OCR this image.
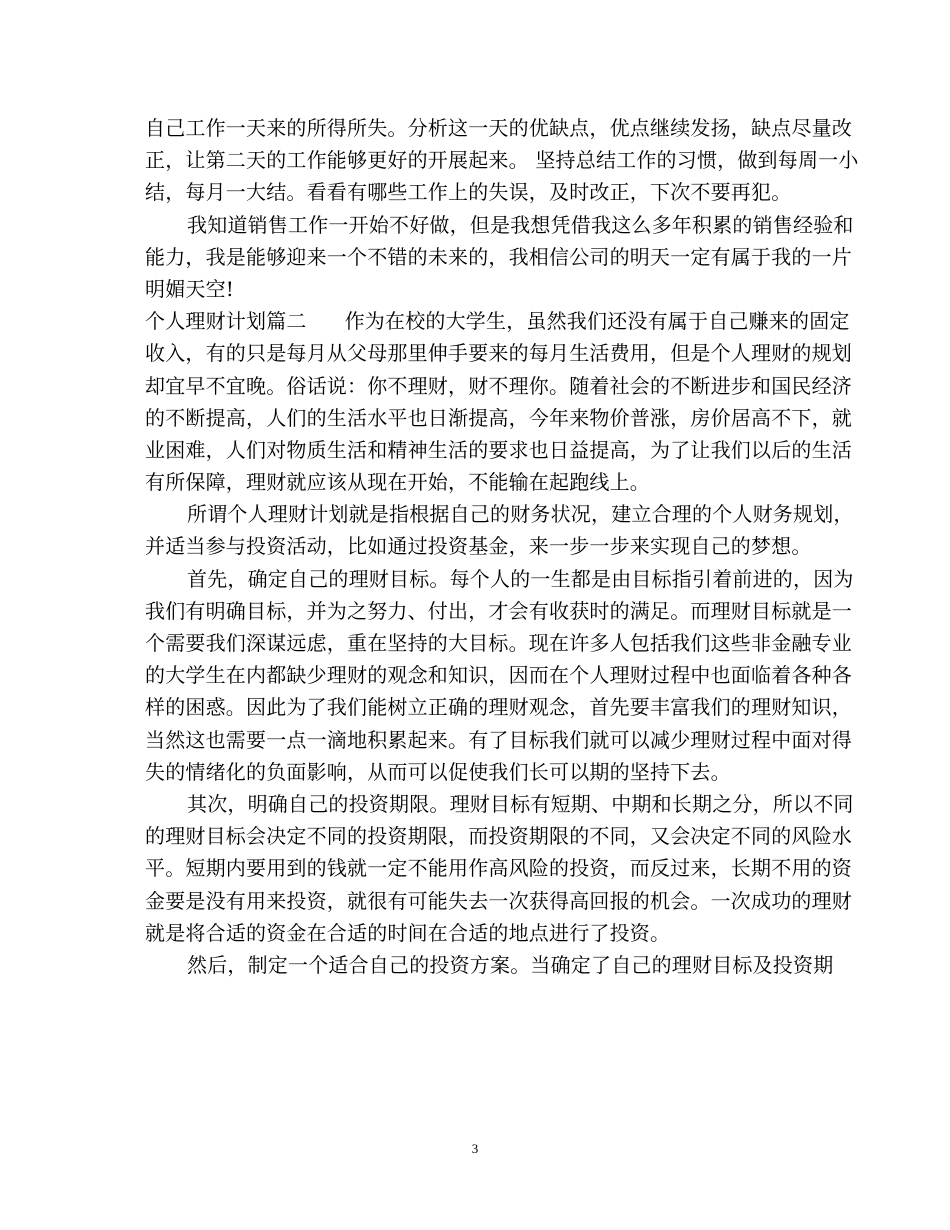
自己工作一天来的所得所失。分析这一天的优缺点，优点继续发扬，缺点尽量改
正，让第二天的工作能够更好的开展起来。 坚持总结工作的习惯，做到每周一小
结，每月一大结。看看有哪些工作上的失误，及时改正，下次不要再犯。
我知道销售工作一开始不好做，但是我想凭借我这么多年积累的销售经验和
能力，我是能够迎来一个不错的未来的，我相信公司的明天一定有属于我的一片
明媚天空!
个人理财计划篇二 作为在校的大学生，虽然我们还没有属于自己赚来的固定
收入，有的只是每月从父母那里伸手要来的每月生活费用，但是个人理财的规划
却宜早不宜晚。俗话说：你不理财，财不理你。随着社会的不断进步和国民经济
的不断提高，人们的生活水平也日渐提高，今年来物价普涨，房价居高不下，就
业困难，人们对物质生活和精神生活的要求也日益提高，为了让我们以后的生活
有所保障，理财就应该从现在开始，不能输在起跑线上。
所谓个人理财计划就是指根据自己的财务状况，建立合理的个人财务规划，
并适当参与投资活动，比如通过投资基金，来一步一步来实现自己的梦想。
首先，确定自己的理财目标。每个人的一生都是由目标指引着前进的，因为
我们有明确目标，并为之努力、付出，才会有收获时的满足。而理财目标就是一
个需要我们深谋远虑，重在坚持的大目标。现在许多人包括我们这些非金融专业
的大学生在内都缺少理财的观念和知识，因而在个人理财过程中也面临着各种各
样的困惑。因此为了我们能树立正确的理财观念，首先要丰富我们的理财知识，
当然这也需要一点一滴地积累起来。有了目标我们就可以减少理财过程中面对得
失的情绪化的负面影响，从而可以促使我们长可以期的坚持下去。
其次，明确自己的投资期限。理财目标有短期、中期和长期之分，所以不同
的理财目标会决定不同的投资期限，而投资期限的不同，又会决定不同的风险水
平。短期内要用到的钱就一定不能用作高风险的投资，而反过来，长期不用的资
金要是没有用来投资，就很有可能失去一次获得高回报的机会。一次成功的理财
就是将合适的资金在合适的时间在合适的地点进行了投资。
然后，制定一个适合自己的投资方案。当确定了自己的理财目标及投资期
3
